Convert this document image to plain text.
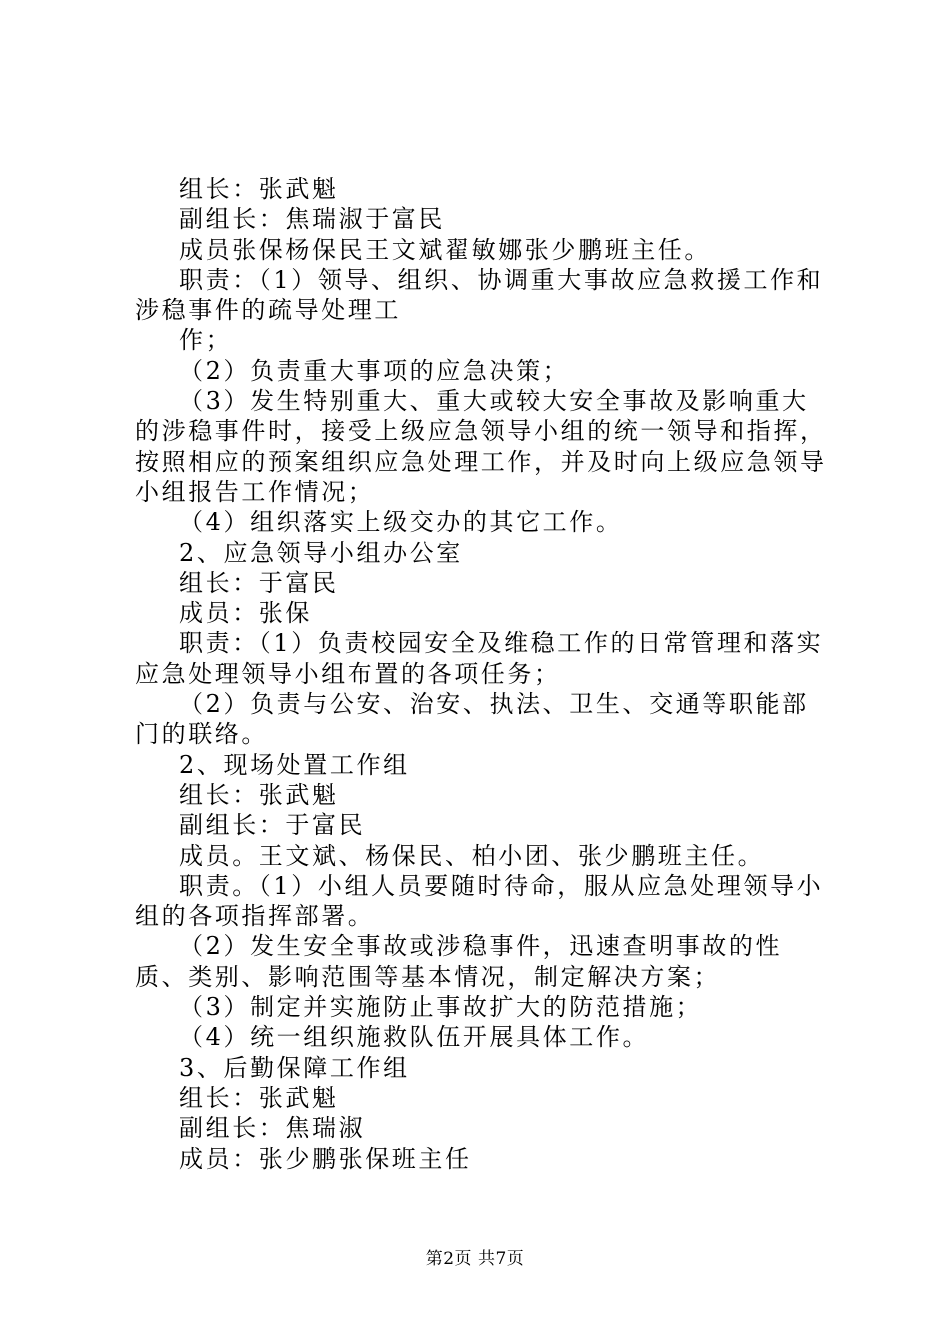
组长：张武魁

副组长：焦瑞淑于富民

成员张保杨保民王文斌翟敏娜张少鹏班主任。

职责：（1）领导、组织、协调重大事故应急救援工作和涉稳事件的疏导处理工

作；

（2）负责重大事项的应急决策；

（3）发生特别重大、重大或较大安全事故及影响重大的涉稳事件时，接受上级应急领导小组的统一领导和指挥，按照相应的预案组织应急处理工作，并及时向上级应急领导小组报告工作情况；

（4）组织落实上级交办的其它工作。

2、应急领导小组办公室

组长：于富民

成员：张保

职责：（1）负责校园安全及维稳工作的日常管理和落实应急处理领导小组布置的各项任务；

（2）负责与公安、治安、执法、卫生、交通等职能部门的联络。

2、现场处置工作组

组长：张武魁

副组长：于富民

成员。王文斌、杨保民、柏小团、张少鹏班主任。

职责。（1）小组人员要随时待命，服从应急处理领导小组的各项指挥部署。

（2）发生安全事故或涉稳事件，迅速查明事故的性质、类别、影响范围等基本情况，制定解决方案；

（3）制定并实施防止事故扩大的防范措施；

（4）统一组织施救队伍开展具体工作。

3、后勤保障工作组

组长：张武魁

副组长：焦瑞淑

成员：张少鹏张保班主任

第2页 共7页
